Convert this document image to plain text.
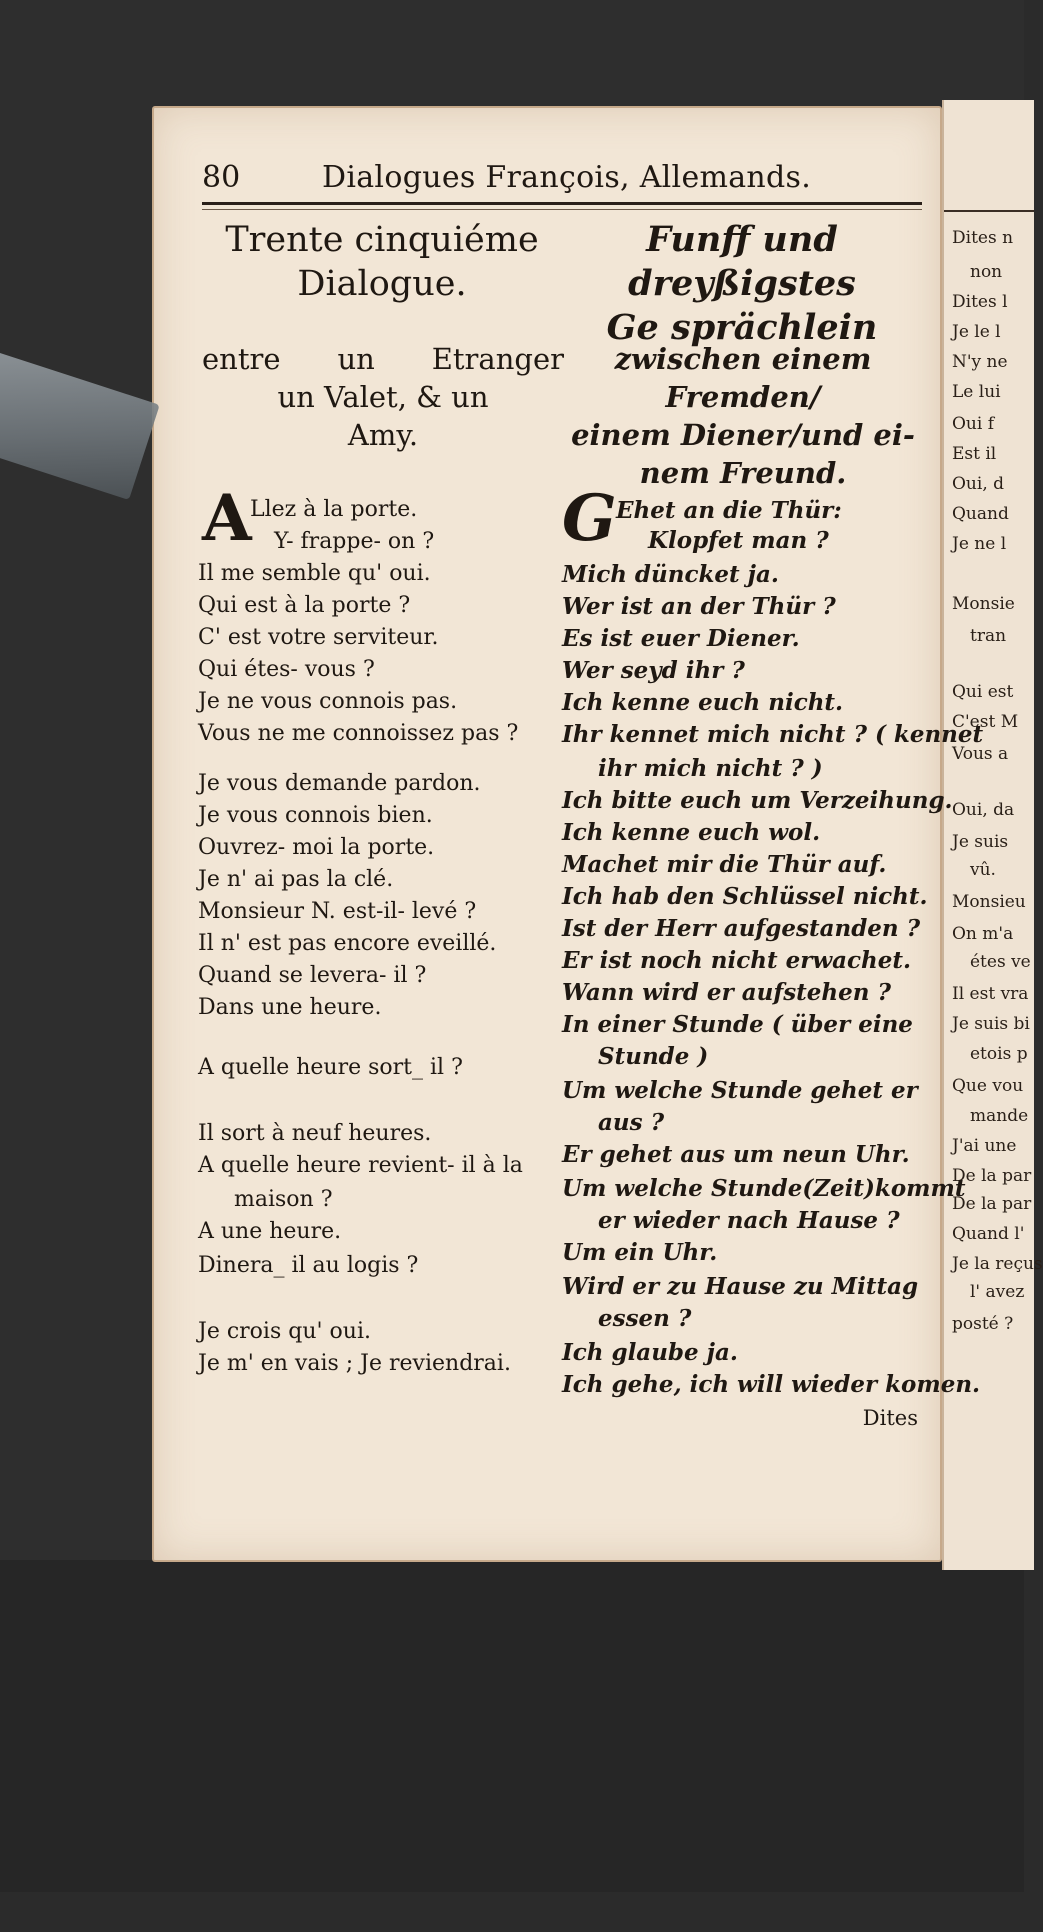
Dites n
non
Dites l
Je le l
N'y ne
Le lui
Oui f
Est il
Oui, d
Quand
Je ne l
Monsie
tran
Qui est
C'est M
Vous a
Oui, da
Je suis
vû.
Monsieu
On m'a
étes ve
Il est vra
Je suis bi
etois p
Que vou
mande
J'ai une
De la par
De la par
Quand l'
Je la reçus
l' avez
posté ?
80	Dialogues François, Allemands.
Trente cinquiéme
Dialogue.
Funff und dreyßigstes
Ge sprächlein
entre un Etranger
un Valet, & un
Amy.
zwischen einem Fremden/
einem Diener/und ei-
nem Freund.
A
Llez à la porte.
Y- frappe- on ?
Il me semble qu' oui.
Qui est à la porte ?
C' est votre serviteur.
Qui étes- vous ?
Je ne vous connois pas.
Vous ne me connoissez pas ?
Je vous demande pardon.
Je vous connois bien.
Ouvrez- moi la porte.
Je n' ai pas la clé.
Monsieur N. est-il- levé ?
Il n' est pas encore eveillé.
Quand se levera- il ?
Dans une heure.
A quelle heure sort_ il ?
Il sort à neuf heures.
A quelle heure revient- il à la
maison ?
A une heure.
Dinera_ il au logis ?
Je crois qu' oui.
Je m' en vais ; Je reviendrai.
G Ehet an die Thür:
Klopfet man ?
Mich düncket ja.
Wer ist an der Thür ?
Es ist euer Diener.
Wer seyd ihr ?
Ich kenne euch nicht.
Ihr kennet mich nicht ? ( kennet
ihr mich nicht ? )
Ich bitte euch um Verzeihung.
Ich kenne euch wol.
Machet mir die Thür auf.
Ich hab den Schlüssel nicht.
Ist der Herr aufgestanden ?
Er ist noch nicht erwachet.
Wann wird er aufstehen ?
In einer Stunde ( über eine
Stunde )
Um welche Stunde gehet er
aus ?
Er gehet aus um neun Uhr.
Um welche Stunde(Zeit)kommt
er wieder nach Hause ?
Um ein Uhr.
Wird er zu Hause zu Mittag
essen ?
Ich glaube ja.
Ich gehe, ich will wieder komen.
Dites
